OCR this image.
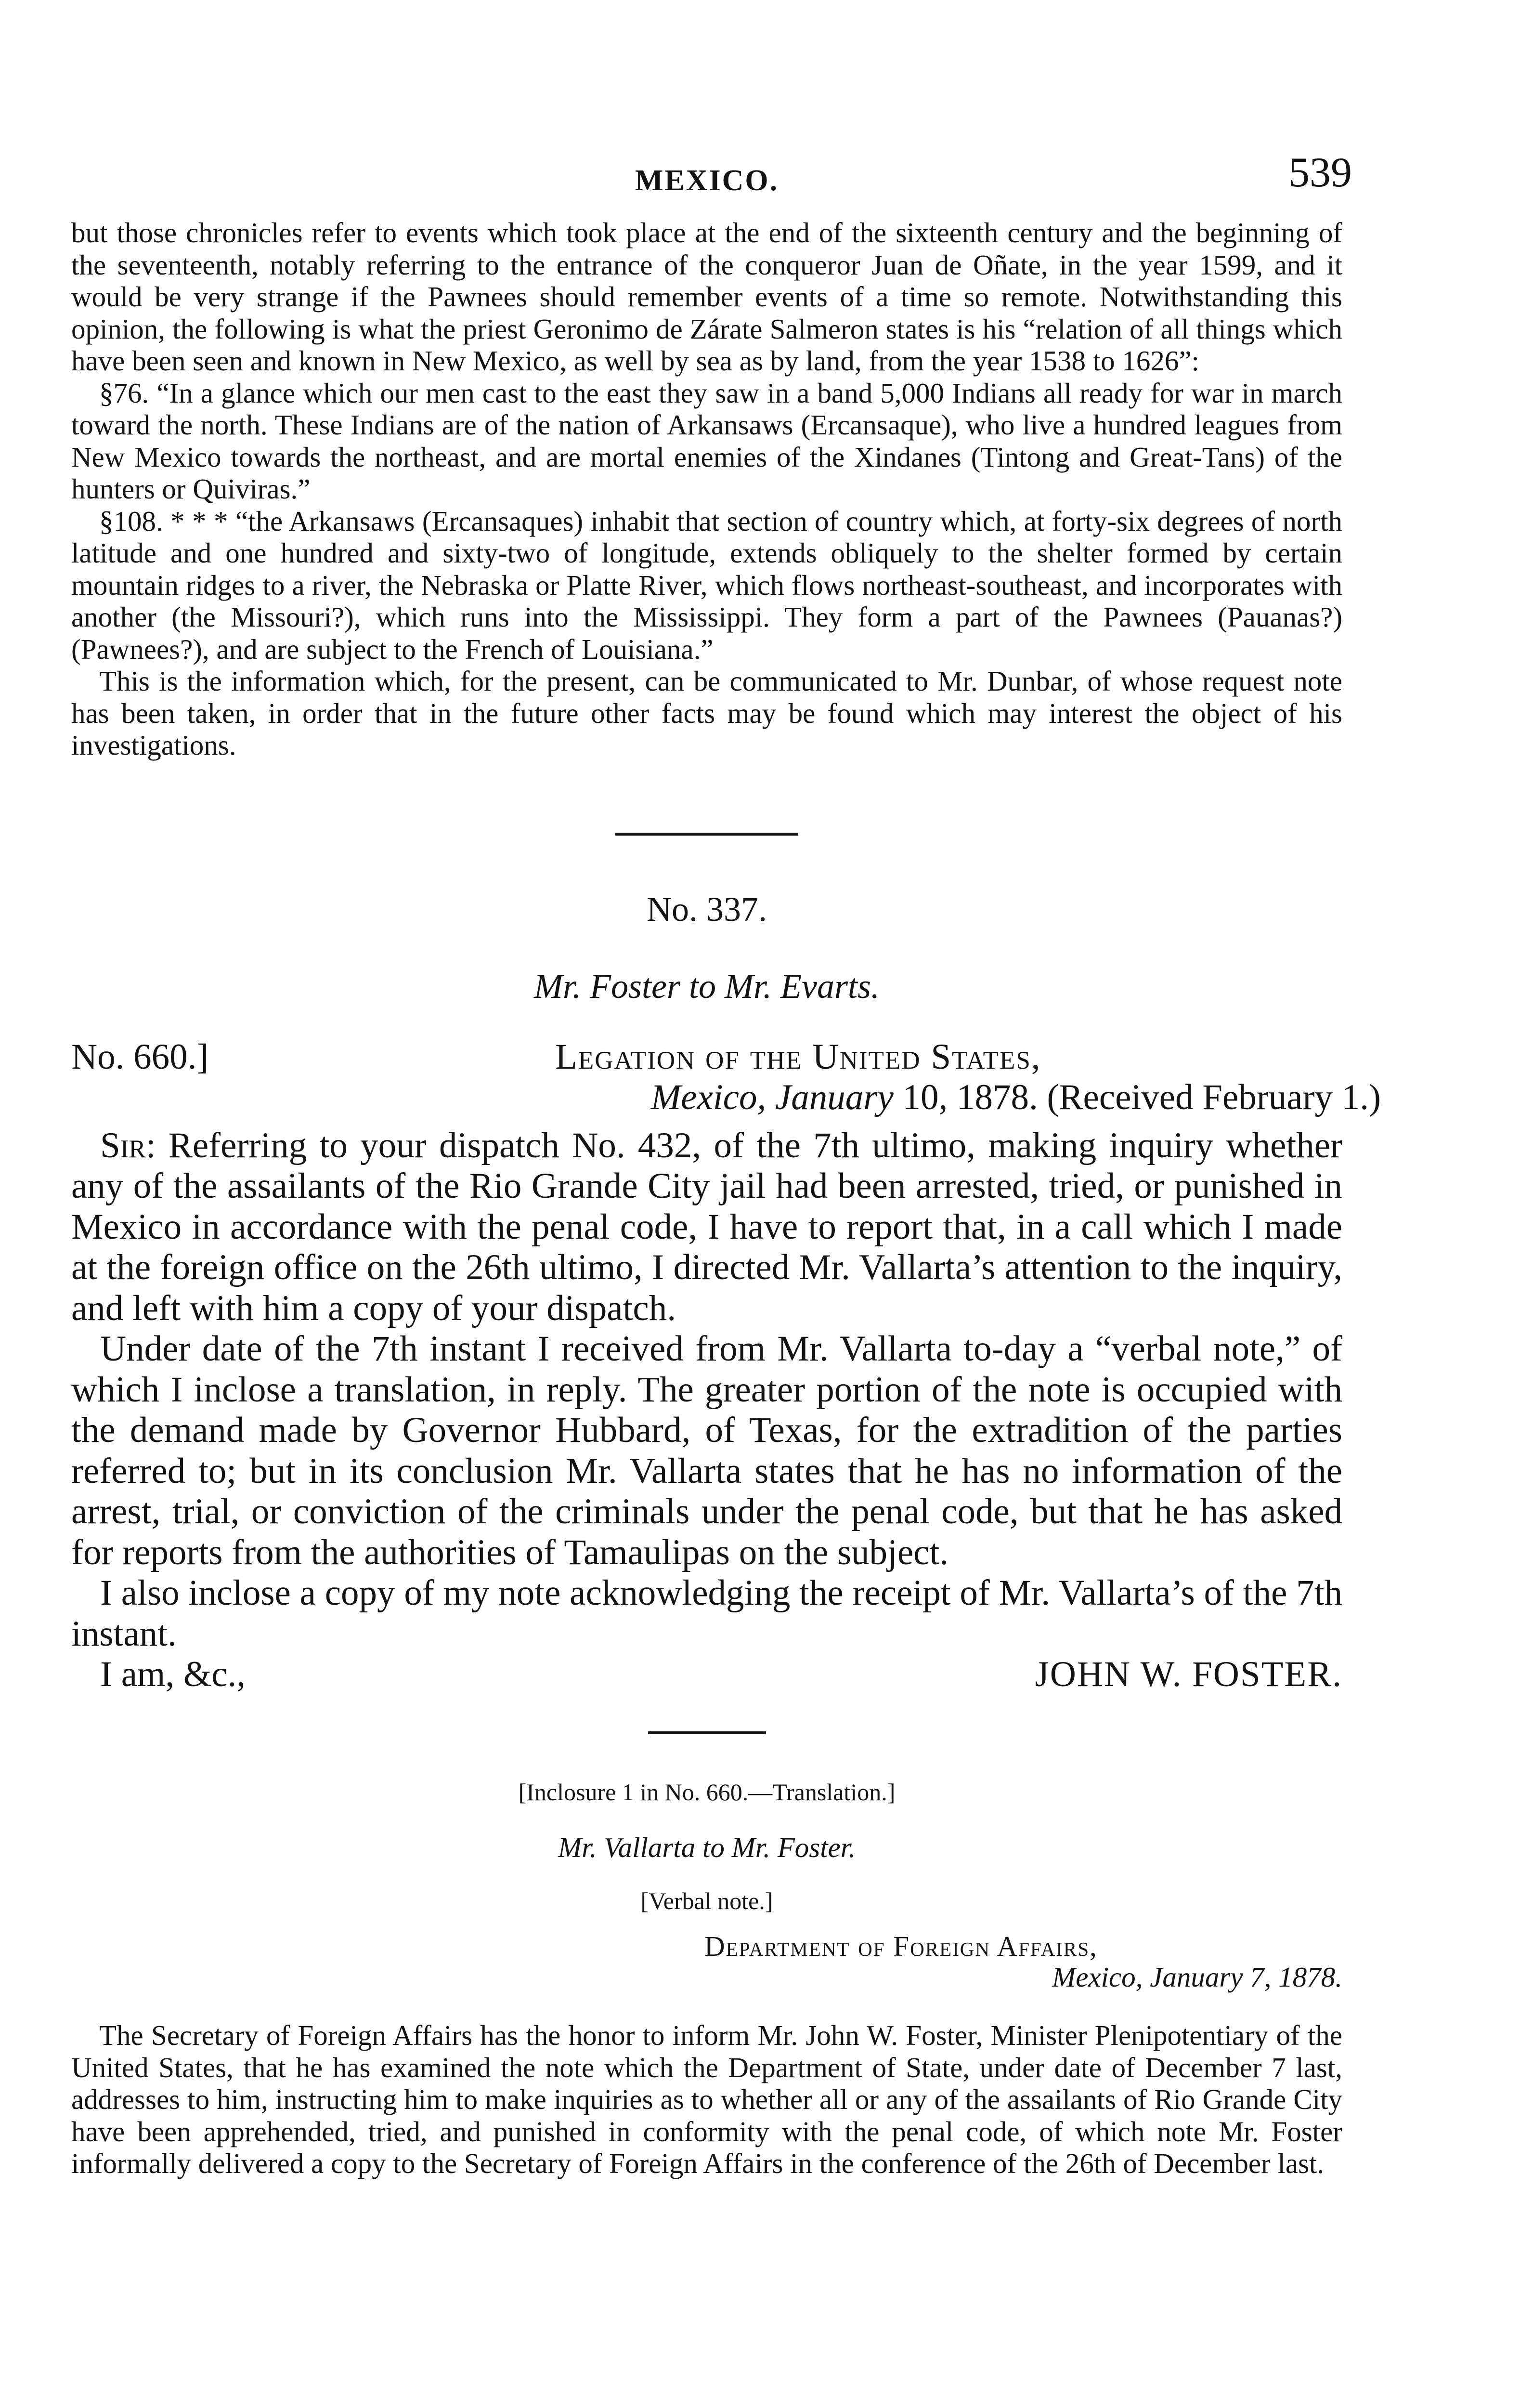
MEXICO.	539

but those chronicles refer to events which took place at the end of the sixteenth century and the beginning of the seventeenth, notably referring to the entrance of the conqueror Juan de Oñate, in the year 1599, and it would be very strange if the Pawnees should remember events of a time so remote. Notwithstanding this opinion, the following is what the priest Geronimo de Zárate Salmeron states is his “relation of all things which have been seen and known in New Mexico, as well by sea as by land, from the year 1538 to 1626”:

§76. “In a glance which our men cast to the east they saw in a band 5,000 Indians all ready for war in march toward the north. These Indians are of the nation of Arkansaws (Ercansaque), who live a hundred leagues from New Mexico towards the northeast, and are mortal enemies of the Xindanes (Tintong and Great-Tans) of the hunters or Quiviras.”

§108. * * * “the Arkansaws (Ercansaques) inhabit that section of country which, at forty-six degrees of north latitude and one hundred and sixty-two of longitude, extends obliquely to the shelter formed by certain mountain ridges to a river, the Nebraska or Platte River, which flows northeast-southeast, and incorporates with another (the Missouri?), which runs into the Mississippi. They form a part of the Pawnees (Pauanas?) (Pawnees?), and are subject to the French of Louisiana.”

This is the information which, for the present, can be communicated to Mr. Dunbar, of whose request note has been taken, in order that in the future other facts may be found which may interest the object of his investigations.

No. 337.
Mr. Foster to Mr. Evarts.
No. 660.]	Legation of the United States,
Mexico, January 10, 1878. (Received February 1.)

Sir: Referring to your dispatch No. 432, of the 7th ultimo, making inquiry whether any of the assailants of the Rio Grande City jail had been arrested, tried, or punished in Mexico in accordance with the penal code, I have to report that, in a call which I made at the foreign office on the 26th ultimo, I directed Mr. Vallarta’s attention to the inquiry, and left with him a copy of your dispatch.

Under date of the 7th instant I received from Mr. Vallarta to-day a “verbal note,” of which I inclose a translation, in reply. The greater portion of the note is occupied with the demand made by Governor Hubbard, of Texas, for the extradition of the parties referred to; but in its conclusion Mr. Vallarta states that he has no information of the arrest, trial, or conviction of the criminals under the penal code, but that he has asked for reports from the authorities of Tamaulipas on the subject.

I also inclose a copy of my note acknowledging the receipt of Mr. Vallarta’s of the 7th instant.

I am, &c.,	JOHN W. FOSTER.
[Inclosure 1 in No. 660.—Translation.]
Mr. Vallarta to Mr. Foster.
[Verbal note.]
Department of Foreign Affairs,
Mexico, January 7, 1878.

The Secretary of Foreign Affairs has the honor to inform Mr. John W. Foster, Minister Plenipotentiary of the United States, that he has examined the note which the Department of State, under date of December 7 last, addresses to him, instructing him to make inquiries as to whether all or any of the assailants of Rio Grande City have been apprehended, tried, and punished in conformity with the penal code, of which note Mr. Foster informally delivered a copy to the Secretary of Foreign Affairs in the conference of the 26th of December last.
